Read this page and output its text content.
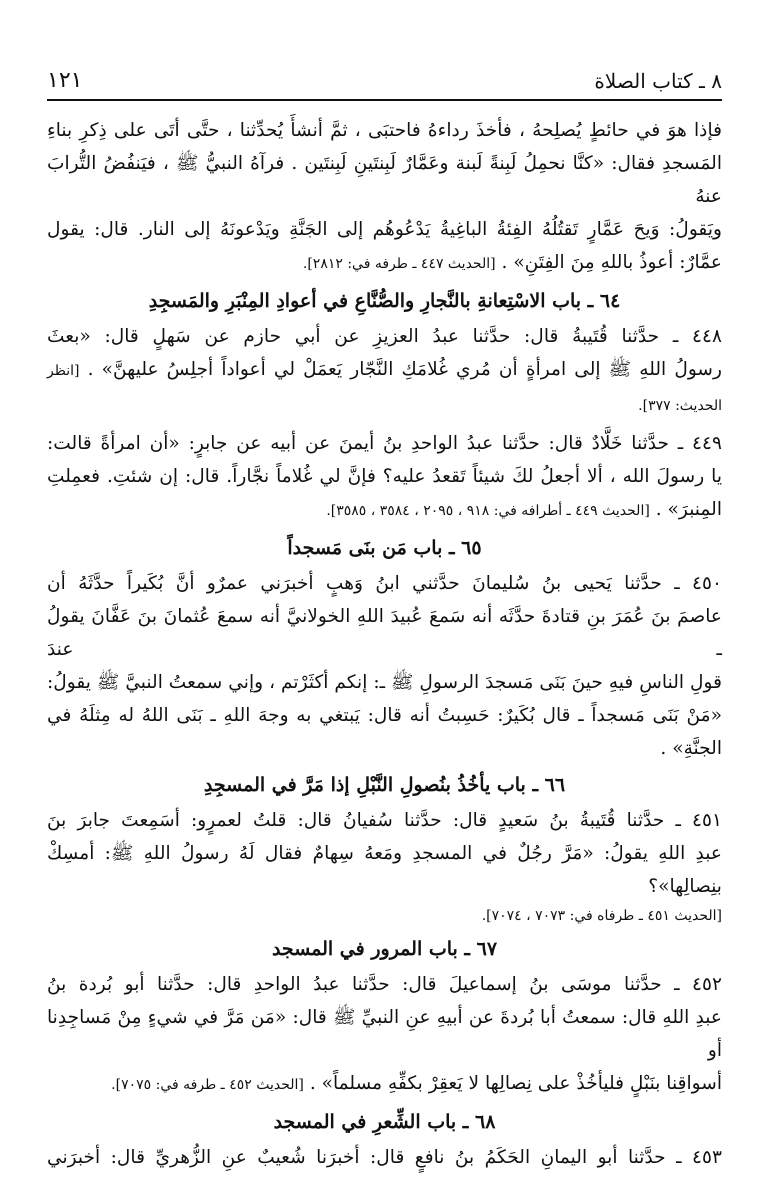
٨ ـ كتاب الصلاة
١٢١

فإذا هوَ في حائطٍ يُصلِحهُ ، فأخذَ رداءهُ فاحتبَى ، ثمَّ أنشأَ يُحدِّثنا ، حتَّى أتَى على ذِكرِ بناءِ

المَسجدِ فقال: «كنَّا نحمِلُ لَبِنةً لَبنة وعَمَّارٌ لَبِنتَينِ لَبِنتَين . فرآهُ النبيُّ ﷺ ، فيَنفُضُ التُّرابَ عنهُ

ويَقولُ: وَيحَ عَمَّارٍ تَقتُلُهُ الفِئةُ الباغِيةُ يَدْعُوهُم إلى الجَنَّةِ ويَدْعونَهُ إلى النار. قال: يقول

عمَّارٌ: أعوذُ باللهِ مِنَ الفِتَنِ» . [الحديث ٤٤٧ ـ طرفه في: ٢٨١٢].

٦٤ ـ باب الاسْتِعانةِ بالنَّجارِ والصُّنَّاعِ في أعوادِ المِنْبَرِ والمَسجِدِ

٤٤٨ ـ حدَّثنا قُتَيبةُ قال: حدَّثنا عبدُ العزيزِ عن أبي حازم عن سَهلٍ قال: «بعثَ

رسولُ اللهِ ﷺ إلى امرأةٍ أن مُري غُلامَكِ النَّجّار يَعمَلْ لي أعواداً أجلِسُ عليهنَّ» . [انظر الحديث: ٣٧٧].

٤٤٩ ـ حدَّثنا خَلَّادٌ قال: حدَّثنا عبدُ الواحدِ بنُ أيمنَ عن أبيه عن جابرٍ: «أن امرأةً قالت:

يا رسولَ الله ، ألا أجعلُ لكَ شيئاً تَقعدُ عليه؟ فإنَّ لي غُلاماً نجَّاراً. قال: إن شئتِ. فعمِلتِ

المِنبرَ» . [الحديث ٤٤٩ ـ أطرافه في: ٩١٨ ، ٢٠٩٥ ، ٣٥٨٤ ، ٣٥٨٥].

٦٥ ـ باب مَن بنَى مَسجداً

٤٥٠ ـ حدَّثنا يَحيى بنُ سُليمانَ حدَّثني ابنُ وَهبٍ أخبرَني عمرٌو أنَّ بُكَيراً حدَّثَهُ أن

عاصمَ بنَ عُمَرَ بنِ قتادةَ حدَّثَه أنه سَمعَ عُبيدَ اللهِ الخولانيَّ أنه سمعَ عُثمانَ بنَ عَفَّانَ يقولُ ـ عندَ

قولِ الناسِ فيهِ حينَ بَنَى مَسجدَ الرسولِ ﷺ ـ: إنكم أكثَرْتم ، وإني سمعتُ النبيَّ ﷺ يقولُ:

«مَنْ بَنَى مَسجداً ـ قال بُكَيرٌ: حَسِبتُ أنه قال: يَبتغي به وجهَ اللهِ ـ بَنَى اللهُ له مِثلَهُ في الجنَّةِ» .

٦٦ ـ باب يأخُذُ بنُصولِ النَّبْلِ إذا مَرَّ في المسجِدِ

٤٥١ ـ حدَّثنا قُتَيبةُ بنُ سَعيدٍ قال: حدَّثنا سُفيانُ قال: قلتُ لعمرٍو: أسَمِعتَ جابرَ بنَ

عبدِ اللهِ يقولُ: «مَرَّ رجُلٌ في المسجدِ ومَعهُ سِهامٌ فقال لَهُ رسولُ اللهِ ﷺ: أمسِكْ بنِصالِها»؟

[الحديث ٤٥١ ـ طرفاه في: ٧٠٧٣ ، ٧٠٧٤].
٦٧ ـ باب المرور في المسجد

٤٥٢ ـ حدَّثنا موسَى بنُ إسماعيلَ قال: حدَّثنا عبدُ الواحدِ قال: حدَّثنا أبو بُردة بنُ

عبدِ اللهِ قال: سمعتُ أبا بُردةَ عن أبيهِ عنِ النبيِّ ﷺ قال: «مَن مَرَّ في شيءٍ مِنْ مَساجِدِنا أو

أسواقِنا بنَبْلٍ فليأخُذْ على نِصالِها لا يَعقِرْ بكفِّهِ مسلماً» . [الحديث ٤٥٢ ـ طرفه في: ٧٠٧٥].

٦٨ ـ باب الشِّعرِ في المسجد

٤٥٣ ـ حدَّثنا أبو اليمانِ الحَكَمُ بنُ نافعٍ قال: أخبرَنا شُعيبٌ عنِ الزُّهريِّ قال: أخبرَني
